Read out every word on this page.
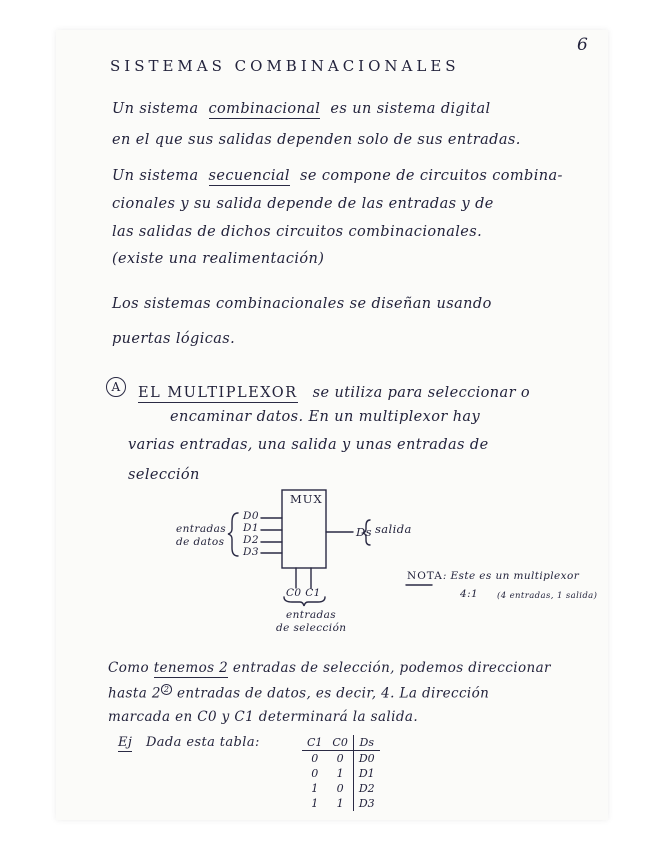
6
SISTEMAS COMBINACIONALES
Un sistema combinacional es un sistema digital
en el que sus salidas dependen solo de sus entradas.
Un sistema secuencial se compone de circuitos combina-
cionales y su salida depende de las entradas y de
las salidas de dichos circuitos combinacionales.
(existe una realimentación)
Los sistemas combinacionales se diseñan usando
puertas lógicas.
A	EL MULTIPLEXOR se utiliza para seleccionar o
encaminar datos. En un multiplexor hay
varias entradas, una salida y unas entradas de
selección
MUX
D0
D1
D2
D3
entradas
de datos
Ds salida
C0 C1
entradas
de selección
NOTA: Este es un multiplexor
4:1 (4 entradas, 1 salida)
Como tenemos 2 entradas de selección, podemos direccionar
hasta 2 $^2$ entradas de datos, es decir, 4. La dirección
marcada en C0 y C1 determinará la salida.
Ej Dada esta tabla:	C1	C0	Ds
0	0	D0
0	1	D1
1	0	D2
1	1	D3
